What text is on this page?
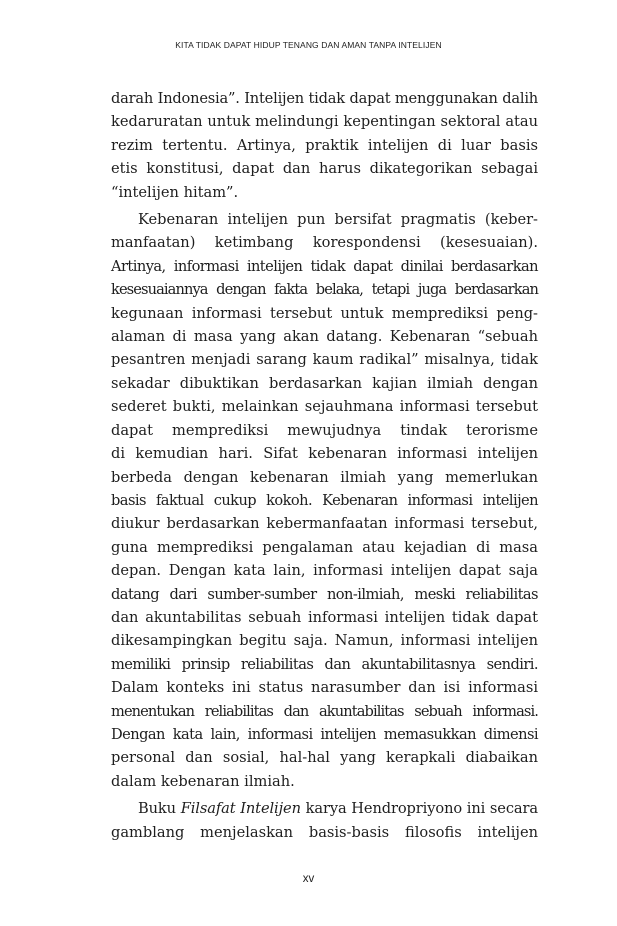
KITA TIDAK DAPAT HIDUP TENANG DAN AMAN TANPA INTELIJEN
darah Indonesia”. Intelijen tidak dapat menggunakan dalih
kedaruratan untuk melindungi kepentingan sektoral atau
rezim tertentu. Artinya, praktik intelijen di luar basis
etis konstitusi, dapat dan harus dikategorikan sebagai
“intelijen hitam”.
Kebenaran intelijen pun bersifat pragmatis (keber-
manfaatan) ketimbang korespondensi (kesesuaian).
Artinya, informasi intelijen tidak dapat dinilai berdasarkan
kesesuaiannya dengan fakta belaka, tetapi juga berdasarkan
kegunaan informasi tersebut untuk memprediksi peng-
alaman di masa yang akan datang. Kebenaran “sebuah
pesantren menjadi sarang kaum radikal” misalnya, tidak
sekadar dibuktikan berdasarkan kajian ilmiah dengan
sederet bukti, melainkan sejauhmana informasi tersebut
dapat memprediksi mewujudnya tindak terorisme
di kemudian hari. Sifat kebenaran informasi intelijen
berbeda dengan kebenaran ilmiah yang memerlukan
basis faktual cukup kokoh. Kebenaran informasi intelijen
diukur berdasarkan kebermanfaatan informasi tersebut,
guna memprediksi pengalaman atau kejadian di masa
depan. Dengan kata lain, informasi intelijen dapat saja
datang dari sumber-sumber non-ilmiah, meski reliabilitas
dan akuntabilitas sebuah informasi intelijen tidak dapat
dikesampingkan begitu saja. Namun, informasi intelijen
memiliki prinsip reliabilitas dan akuntabilitasnya sendiri.
Dalam konteks ini status narasumber dan isi informasi
menentukan reliabilitas dan akuntabilitas sebuah informasi.
Dengan kata lain, informasi intelijen memasukkan dimensi
personal dan sosial, hal-hal yang kerapkali diabaikan
dalam kebenaran ilmiah.
Buku Filsafat Intelijen karya Hendropriyono ini secara
gamblang menjelaskan basis-basis filosofis intelijen
xv
